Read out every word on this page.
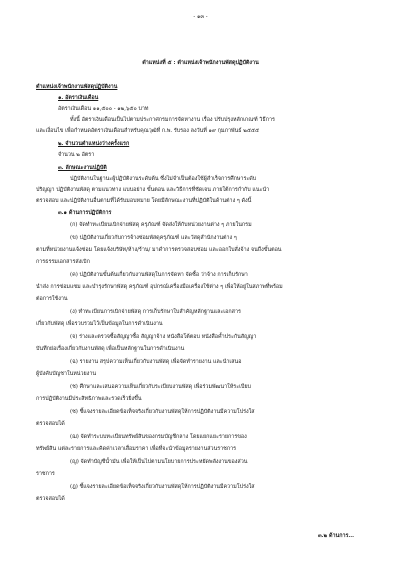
- ๑๓ -
ตำแหน่งที่ ๕ : ตำแหน่งเจ้าพนักงานพัสดุปฏิบัติงาน
ตำแหน่งเจ้าพนักงานพัสดุปฏิบัติงาน
๑. อัตราเงินเดือน
อัตราเงินเดือน ๑๑,๕๐๐ - ๑๒,๖๕๐ บาท
ทั้งนี้ อัตราเงินเดือนเป็นไปตามประกาศกรมการจัดหางาน เรื่อง ปรับปรุงหลักเกณฑ์ วิธีการ
และเงื่อนไข เพื่อกำหนดอัตราเงินเดือนสำหรับคุณวุฒิที่ ก.พ. รับรอง ลงวันที่ ๑๙ กุมภาพันธ์ ๒๕๕๕
๒. จำนวนตำแหน่งว่างครั้งแรก
จำนวน ๒ อัตรา
๓. ลักษณะงานปฏิบัติ
ปฏิบัติงานในฐานะผู้ปฏิบัติงานระดับต้น ซึ่งไม่จำเป็นต้องใช้ผู้สำเร็จการศึกษาระดับ
ปริญญา ปฏิบัติงานพัสดุ ตามแนวทาง แบบอย่าง ขั้นตอน และวิธีการที่ชัดเจน ภายใต้การกำกับ แนะนำ
ตรวจสอบ และปฏิบัติงานอื่นตามที่ได้รับมอบหมาย โดยมีลักษณะงานที่ปฏิบัติในด้านต่าง ๆ ดังนี้
๓.๑ ด้านการปฏิบัติการ
(ก) จัดทำทะเบียนเบิกจ่ายพัสดุ ครุภัณฑ์ จัดส่งให้กับหน่วยงานต่าง ๆ ภายในกรม
(ข) ปฏิบัติงานเกี่ยวกับการจ้างซ่อมพัสดุครุภัณฑ์ และวัสดุสำนักงานต่าง ๆ
ตามที่หน่วยงานแจ้งซ่อม โดยแจ้งบริษัท/ห้าง/ร้าน/ มาดำการตรวจสอบซ่อม และออกใบสั่งจ้าง จนถึงขั้นตอน
การธรรมเอกสารส่งเบิก
(ค) ปฏิบัติงานขั้นต้นเกี่ยวกับงานพัสดุในการจัดหา จัดซื้อ ว่าจ้าง การเก็บรักษา
นำส่ง การซ่อมแซม และบำรุงรักษาพัสดุ ครุภัณฑ์ อุปกรณ์เครื่องมือเครื่องใช้ต่าง ๆ เพื่อให้อยู่ในสภาพที่พร้อม
ต่อการใช้งาน
(ง) ทำทะเบียนการเบิกจ่ายพัสดุ การเก็บรักษาใบสำคัญหลักฐานและเอกสาร
เกี่ยวกับพัสดุ เพื่อรวบรวมไว้เป็นข้อมูลในการดำเนินงาน
(จ) ร่างและตรวจซื้อสัญญาซื้อ สัญญาจ้าง หนังสือโต้ตอบ หนังสือค้ำประกันสัญญา
บันทึกย่อเรื่องเกี่ยวกับงานพัสดุ เพื่อเป็นหลักฐานในการดำเนินงาน
(ฉ) รายงาน สรุปความเห็นเกี่ยวกับงานพัสดุ เพื่อจัดทำรายงาน และนำเสนอ
ผู้บังคับบัญชาในหน่วยงาน
(ช) ศึกษาและเสนอความเห็นเกี่ยวกับระเบียบงานพัสดุ เพื่อร่วมพัฒนาให้ระเบียบ
การปฏิบัติงานมีประสิทธิภาพและรวดเร็วยิ่งขึ้น
(ซ) ชี้แจงรายละเอียดข้อเท็จจริงเกี่ยวกับงานพัสดุให้การปฏิบัติงานมีความโปร่งใส
ตรวจสอบได้
(ฌ) จัดทำระบบทะเบียนทรัพย์สินของกรมบัญชีกลาง โดยแยกแยะรายการของ
ทรัพย์สิน แต่ละรายการและคิดค่าเวลาเสื่อมราคา เพื่อที่จะนำข้อมูลรายงานส่วนราชการ
(ญ) จัดทำบัญชีน้ำมัน เพื่อให้เป็นไปตามนโยบายการประหยัดพลังงานของส่วน
ราชการ
(ฎ) ชี้แจงรายละเอียดข้อเท็จจริงเกี่ยวกับงานพัสดุให้การปฏิบัติงานมีความโปร่งใส
ตรวจสอบได้
๓.๒ ด้านการ...
